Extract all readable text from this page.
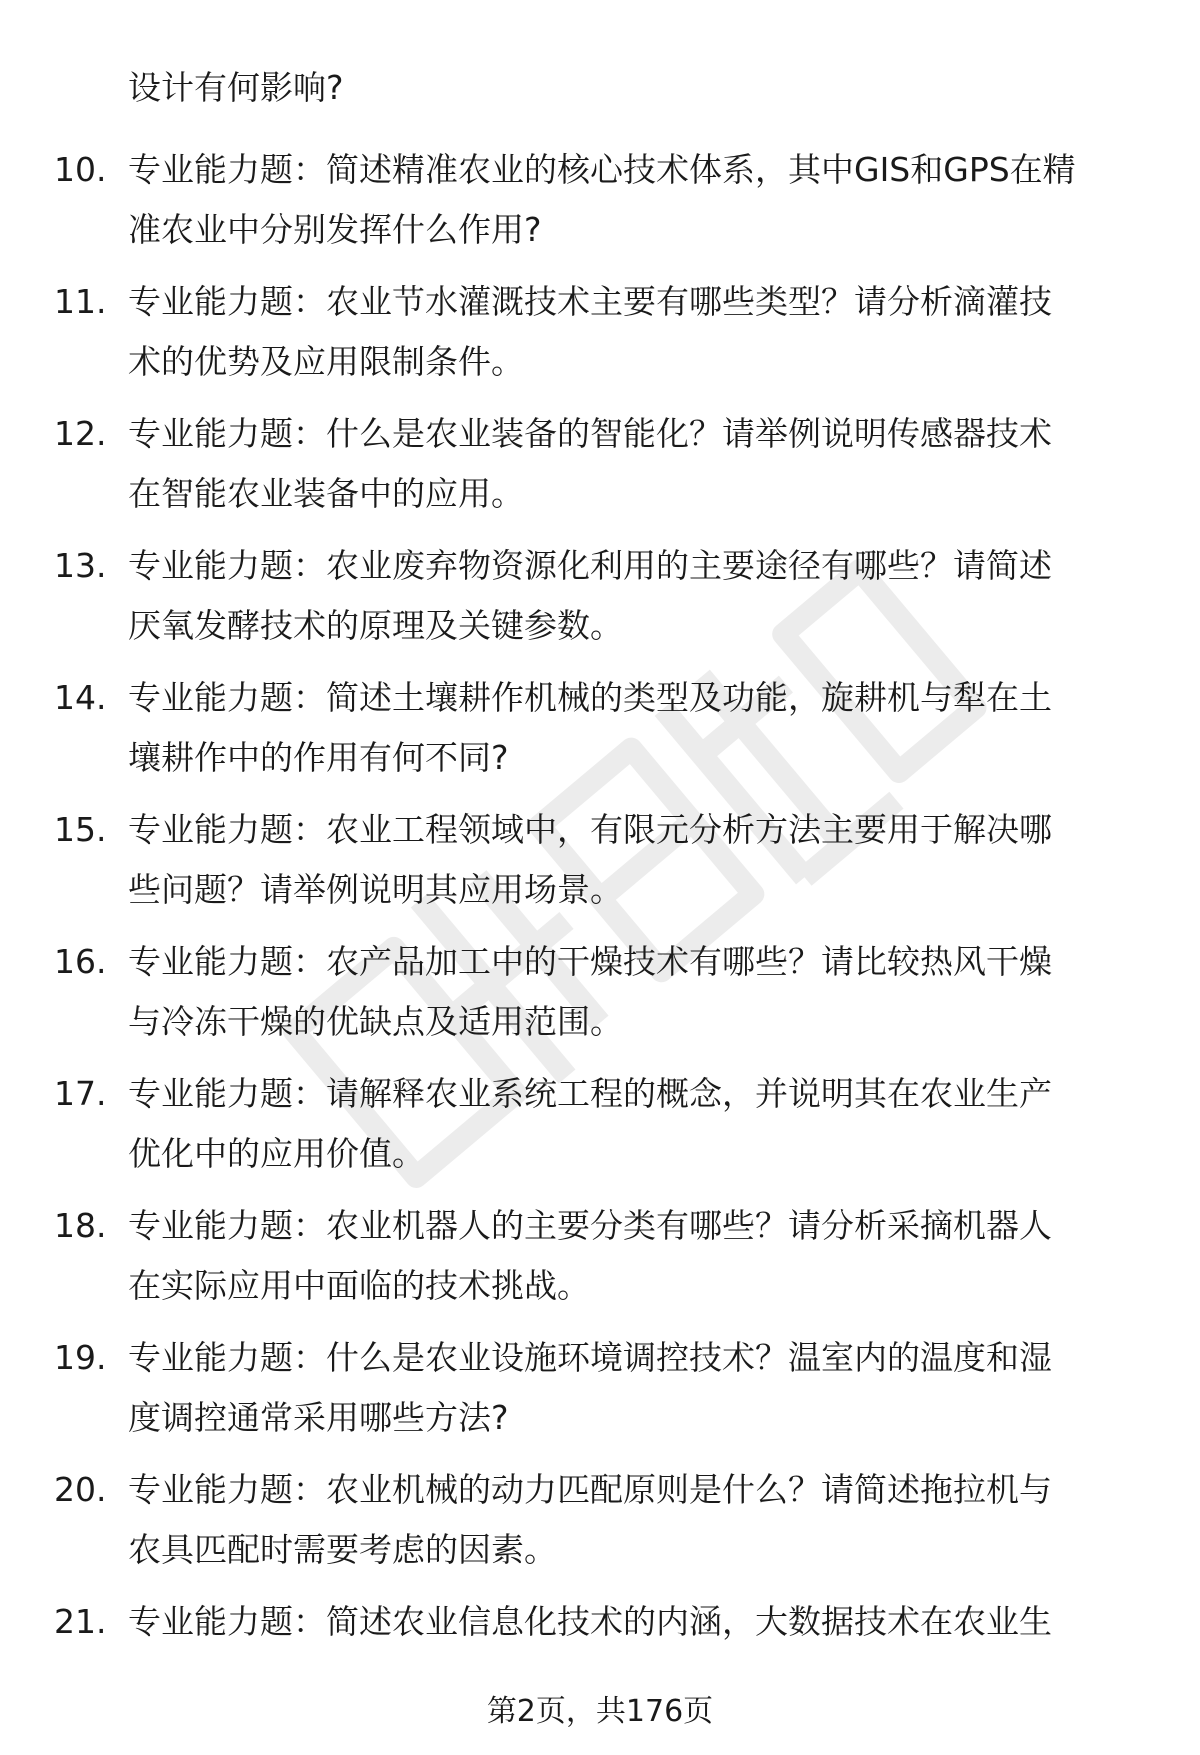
设计有何影响?
10. 专业能力题：简述精准农业的核心技术体系，其中GIS和GPS在精
准农业中分别发挥什么作用?
11. 专业能力题：农业节水灌溉技术主要有哪些类型？请分析滴灌技
术的优势及应用限制条件。
12. 专业能力题：什么是农业装备的智能化？请举例说明传感器技术
在智能农业装备中的应用。
13. 专业能力题：农业废弃物资源化利用的主要途径有哪些？请简述
厌氧发酵技术的原理及关键参数。
14. 专业能力题：简述土壤耕作机械的类型及功能，旋耕机与犁在土
壤耕作中的作用有何不同?
15. 专业能力题：农业工程领域中，有限元分析方法主要用于解决哪
些问题？请举例说明其应用场景。
16. 专业能力题：农产品加工中的干燥技术有哪些？请比较热风干燥
与冷冻干燥的优缺点及适用范围。
17. 专业能力题：请解释农业系统工程的概念，并说明其在农业生产
优化中的应用价值。
18. 专业能力题：农业机器人的主要分类有哪些？请分析采摘机器人
在实际应用中面临的技术挑战。
19. 专业能力题：什么是农业设施环境调控技术？温室内的温度和湿
度调控通常采用哪些方法?
20. 专业能力题：农业机械的动力匹配原则是什么？请简述拖拉机与
农具匹配时需要考虑的因素。
21. 专业能力题：简述农业信息化技术的内涵，大数据技术在农业生
第2页，共176页
